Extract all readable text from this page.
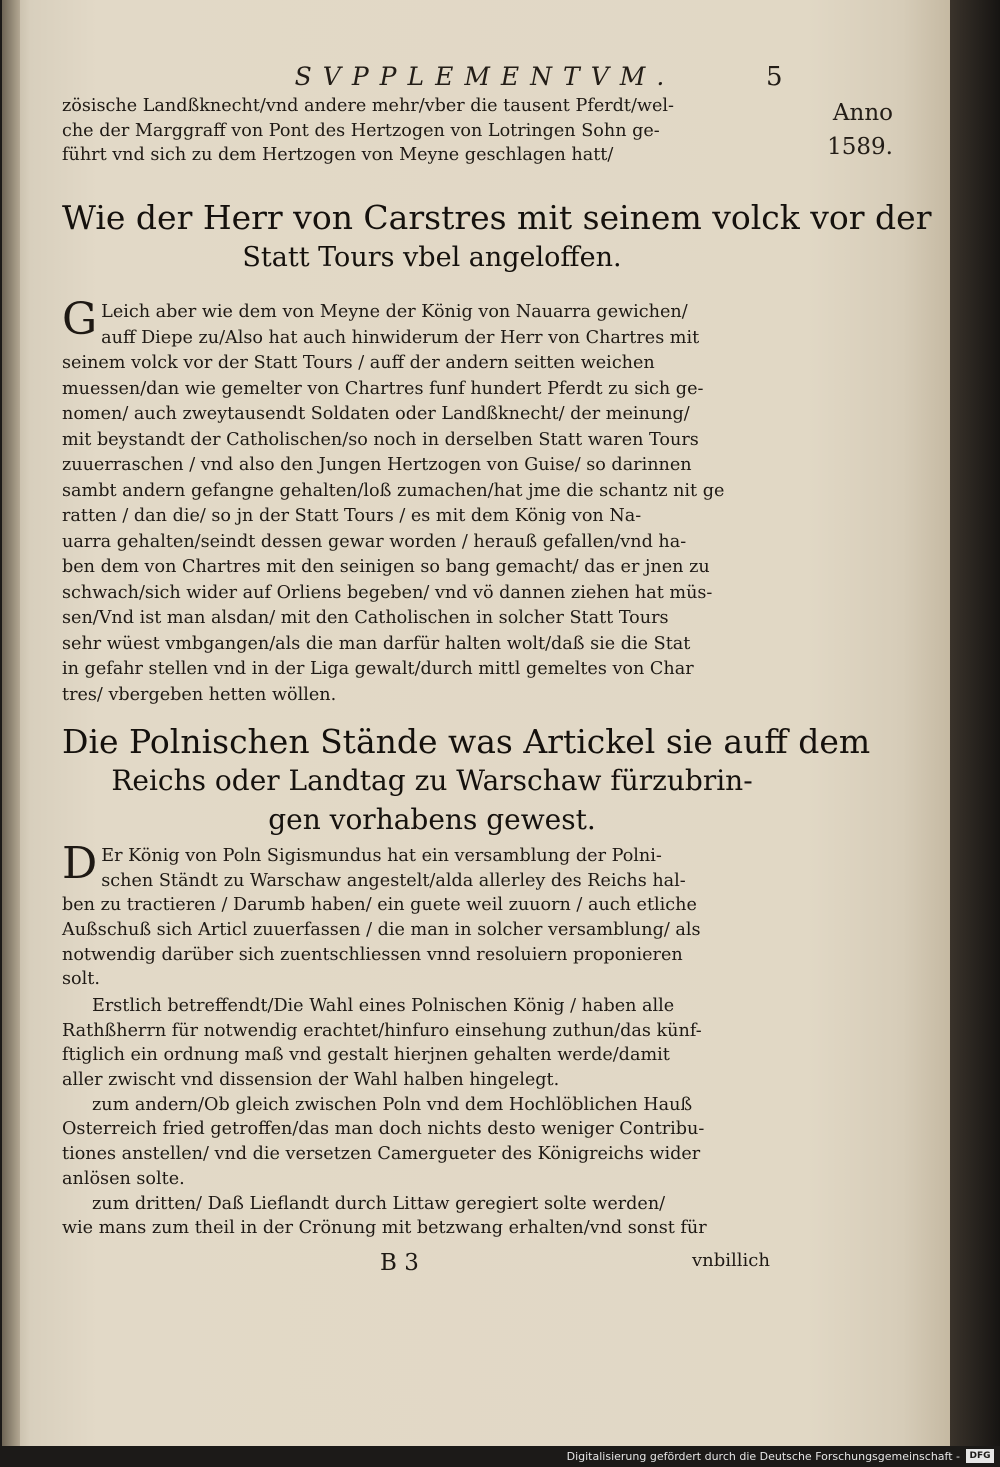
SVPPLEMENTVM.	5
Anno
1589.
zösische Landßknecht/vnd andere mehr/vber die tausent Pferdt/wel-
che der Marggraff von Pont des Hertzogen von Lotringen Sohn ge-
führt vnd sich zu dem Hertzogen von Meyne geschlagen hatt/
Wie der Herr von Carstres mit seinem volck vor der
Statt Tours vbel angeloffen.
G Leich aber wie dem von Meyne der König von Nauarra gewichen/
auff Diepe zu/Also hat auch hinwiderum der Herr von Chartres mit
seinem volck vor der Statt Tours / auff der andern seitten weichen
muessen/dan wie gemelter von Chartres funf hundert Pferdt zu sich ge-
nomen/ auch zweytausendt Soldaten oder Landßknecht/ der meinung/
mit beystandt der Catholischen/so noch in derselben Statt waren Tours
zuuerraschen / vnd also den Jungen Hertzogen von Guise/ so darinnen
sambt andern gefangne gehalten/loß zumachen/hat jme die schantz nit ge
ratten / dan die/ so jn der Statt Tours / es mit dem König von Na-
uarra gehalten/seindt dessen gewar worden / herauß gefallen/vnd ha-
ben dem von Chartres mit den seinigen so bang gemacht/ das er jnen zu
schwach/sich wider auf Orliens begeben/ vnd vö dannen ziehen hat müs-
sen/Vnd ist man alsdan/ mit den Catholischen in solcher Statt Tours
sehr wüest vmbgangen/als die man darfür halten wolt/daß sie die Stat
in gefahr stellen vnd in der Liga gewalt/durch mittl gemeltes von Char
tres/ vbergeben hetten wöllen.
Die Polnischen Stände was Artickel sie auff dem
Reichs oder Landtag zu Warschaw fürzubrin-
gen vorhabens gewest.
D Er König von Poln Sigismundus hat ein versamblung der Polni-
schen Ständt zu Warschaw angestelt/alda allerley des Reichs hal-
ben zu tractieren / Darumb haben/ ein guete weil zuuorn / auch etliche
Außschuß sich Articl zuuerfassen / die man in solcher versamblung/ als
notwendig darüber sich zuentschliessen vnnd resoluiern proponieren
solt.
Erstlich betreffendt/Die Wahl eines Polnischen König / haben alle
Rathßherrn für notwendig erachtet/hinfuro einsehung zuthun/das künf-
ftiglich ein ordnung maß vnd gestalt hierjnen gehalten werde/damit
aller zwischt vnd dissension der Wahl halben hingelegt.
zum andern/Ob gleich zwischen Poln vnd dem Hochlöblichen Hauß
Osterreich fried getroffen/das man doch nichts desto weniger Contribu-
tiones anstellen/ vnd die versetzen Camergueter des Königreichs wider
anlösen solte.
zum dritten/ Daß Lieflandt durch Littaw geregiert solte werden/
wie mans zum theil in der Crönung mit betzwang erhalten/vnd sonst für
B 3	vnbillich
Digitalisierung gefördert durch die Deutsche Forschungsgemeinschaft -	DFG
